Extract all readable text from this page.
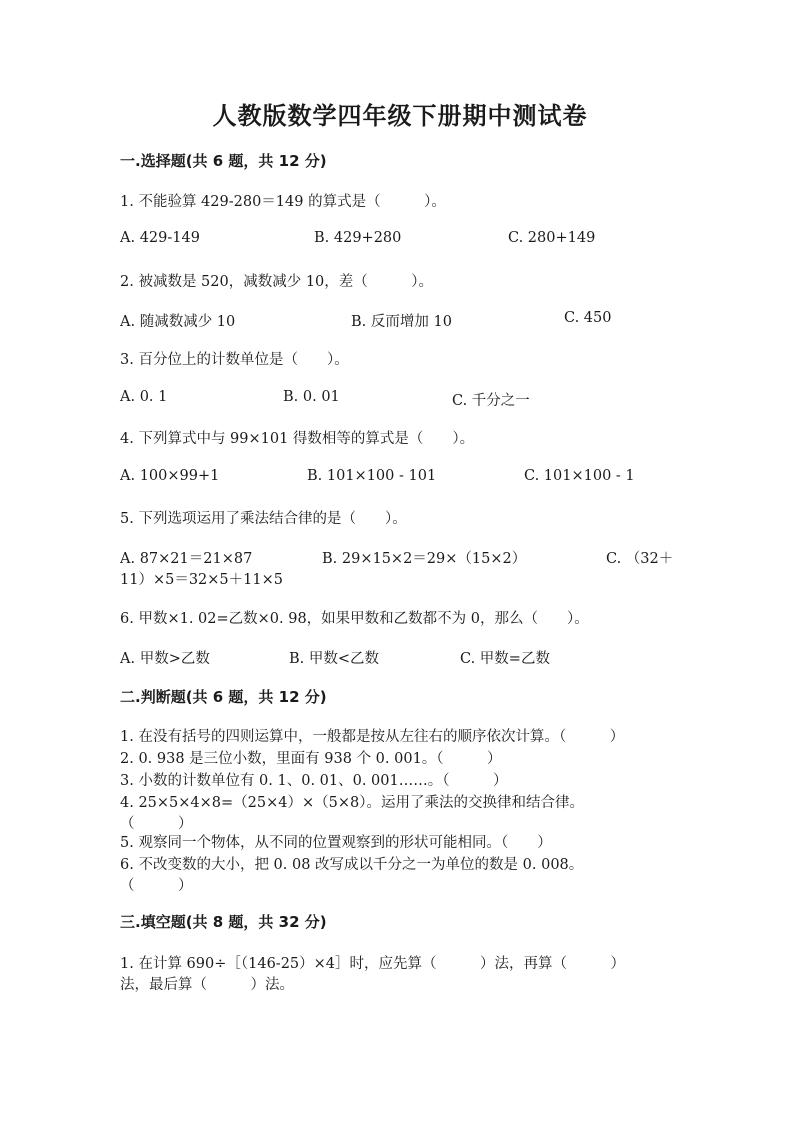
人教版数学四年级下册期中测试卷
一.选择题(共 6 题，共 12 分)
1. 不能验算 429-280＝149 的算式是（　　　）。
A. 429-149	B. 429+280	C. 280+149
2. 被减数是 520，减数减少 10，差（　　　）。
A. 随减数减少 10	B. 反而增加 10	C. 450
3. 百分位上的计数单位是（　　）。
A. 0. 1	B. 0. 01	C. 千分之一
4. 下列算式中与 99×101 得数相等的算式是（　　）。
A. 100×99+1	B. 101×100 - 101	C. 101×100 - 1
5. 下列选项运用了乘法结合律的是（　　）。
A. 87×21＝21×87	B. 29×15×2＝29×（15×2）	C. （32＋
11）×5＝32×5＋11×5
6. 甲数×1. 02=乙数×0. 98，如果甲数和乙数都不为 0，那么（　　）。
A. 甲数>乙数	B. 甲数<乙数	C. 甲数=乙数
二.判断题(共 6 题，共 12 分)
1. 在没有括号的四则运算中，一般都是按从左往右的顺序依次计算。（　　　）
2. 0. 938 是三位小数，里面有 938 个 0. 001。（　　　）
3. 小数的计数单位有 0. 1、0. 01、0. 001……。（　　　）
4. 25×5×4×8=（25×4）×（5×8）。运用了乘法的交换律和结合律。
（　　　）
5. 观察同一个物体，从不同的位置观察到的形状可能相同。（　　）
6. 不改变数的大小，把 0. 08 改写成以千分之一为单位的数是 0. 008。
（　　　）
三.填空题(共 8 题，共 32 分)
1. 在计算 690÷［（146-25）×4］时，应先算（　　　）法，再算（　　　）
法，最后算（　　　）法。
